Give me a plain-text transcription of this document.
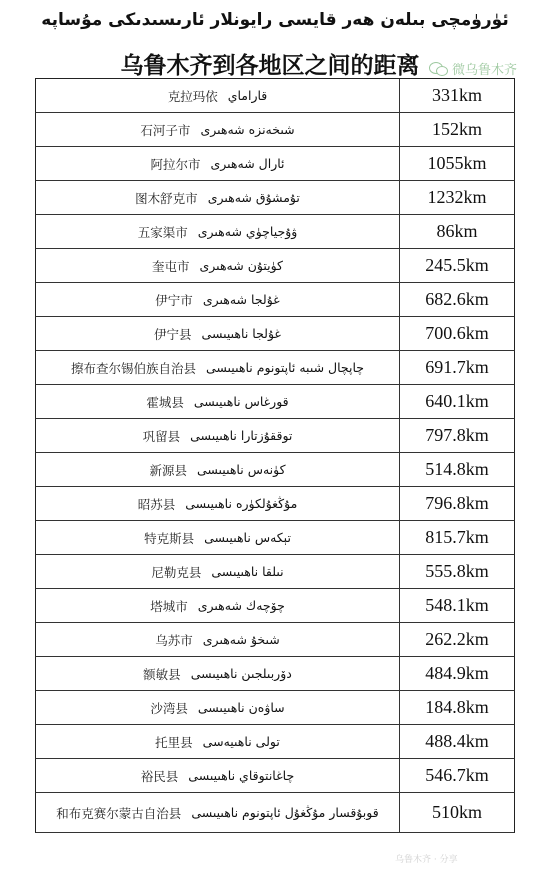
ئۈرۈمچى بىلەن ھەر قايسى رايونلار ئارىسىدىكى مۇساپە
乌鲁木齐到各地区之间的距离	微乌鲁木齐
克拉玛依 قاراماي	331km
石河子市 شىخەنزە شەھىرى	152km
阿拉尔市 ئارال شەھىرى	1055km
图木舒克市 تۇمشۇق شەھىرى	1232km
五家渠市 ۋۇجياچۈي شەھىرى	86km
奎屯市 كۈيتۇن شەھىرى	245.5km
伊宁市 غۇلجا شەھىرى	682.6km
伊宁县 غۇلجا ناھىيىسى	700.6km
擦布查尔锡伯族自治县 چاپچال شىبە ئاپتونوم ناھىيىسى	691.7km
霍城县 قورغاس ناھىيىسى	640.1km
巩留县 توققۇزتارا ناھىيىسى	797.8km
新源县 كۈنەس ناھىيىسى	514.8km
昭苏县 مۇڭغۇلكۈرە ناھىيىسى	796.8km
特克斯县 تېكەس ناھىيىسى	815.7km
尼勒克县 نىلقا ناھىيىسى	555.8km
塔城市 چۆچەك شەھىرى	548.1km
乌苏市 شىخۇ شەھىرى	262.2km
额敏县 دۆربىلجىن ناھىيىسى	484.9km
沙湾县 ساۋەن ناھىيىسى	184.8km
托里县 تولى ناھىيەسى	488.4km
裕民县 چاغانتوقاي ناھىيىسى	546.7km
和布克赛尔蒙古自治县 قوبۇقسار مۇڭغۇل ئاپتونوم ناھىيىسى	510km
乌鲁木齐 · 分享
